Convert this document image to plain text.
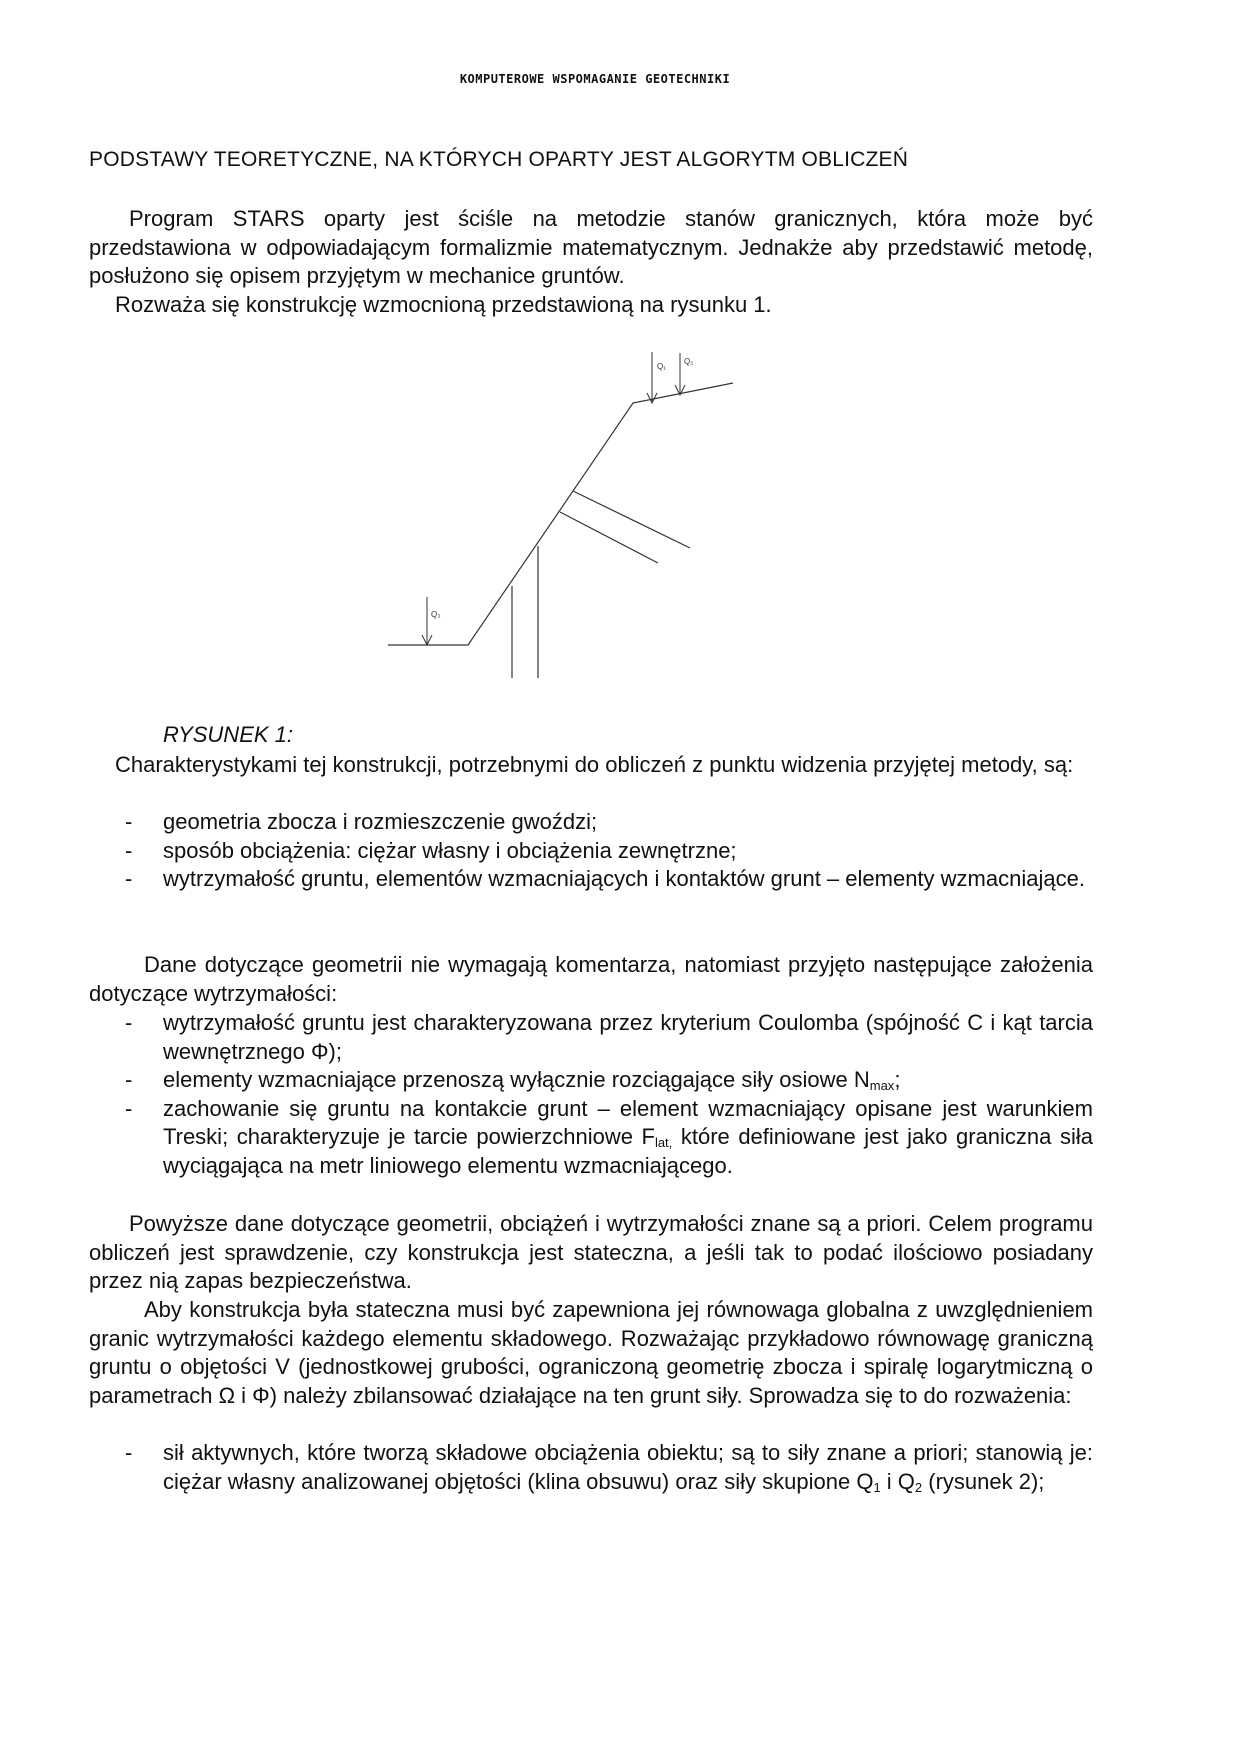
KOMPUTEROWE WSPOMAGANIE GEOTECHNIKI
PODSTAWY TEORETYCZNE, NA KTÓRYCH OPARTY JEST ALGORYTM OBLICZEŃ
Program STARS oparty jest ściśle na metodzie stanów granicznych, która może być przedstawiona w odpowiadającym formalizmie matematycznym. Jednakże aby przedstawić metodę, posłużono się opisem przyjętym w mechanice gruntów.
Rozważa się konstrukcję wzmocnioną przedstawioną na rysunku 1.
Q₁
Q₂
Q₃
RYSUNEK 1:
Charakterystykami tej konstrukcji, potrzebnymi do obliczeń z punktu widzenia przyjętej metody, są:
- geometria zbocza i rozmieszczenie gwoździ;
- sposób obciążenia: ciężar własny i obciążenia zewnętrzne;
- wytrzymałość gruntu, elementów wzmacniających i kontaktów grunt – elementy wzmacniające.
Dane dotyczące geometrii nie wymagają komentarza, natomiast przyjęto następujące założenia dotyczące wytrzymałości:
- wytrzymałość gruntu jest charakteryzowana przez kryterium Coulomba (spójność C i kąt tarcia wewnętrznego Φ);
- elementy wzmacniające przenoszą wyłącznie rozciągające siły osiowe $N_{max}$;
- zachowanie się gruntu na kontakcie grunt – element wzmacniający opisane jest warunkiem Treski; charakteryzuje je tarcie powierzchniowe $F_{lat,}$ które definiowane jest jako graniczna siła wyciągająca na metr liniowego elementu wzmacniającego.
Powyższe dane dotyczące geometrii, obciążeń i wytrzymałości znane są a priori. Celem programu obliczeń jest sprawdzenie, czy konstrukcja jest stateczna, a jeśli tak to podać ilościowo posiadany przez nią zapas bezpieczeństwa.
Aby konstrukcja była stateczna musi być zapewniona jej równowaga globalna z uwzględnieniem granic wytrzymałości każdego elementu składowego. Rozważając przykładowo równowagę graniczną gruntu o objętości V (jednostkowej grubości, ograniczoną geometrię zbocza i spiralę logarytmiczną o parametrach Ω i Φ) należy zbilansować działające na ten grunt siły. Sprowadza się to do rozważenia:
- sił aktywnych, które tworzą składowe obciążenia obiektu; są to siły znane a priori; stanowią je: ciężar własny analizowanej objętości (klina obsuwu) oraz siły skupione $Q_1$ i $Q_2$ (rysunek 2);
